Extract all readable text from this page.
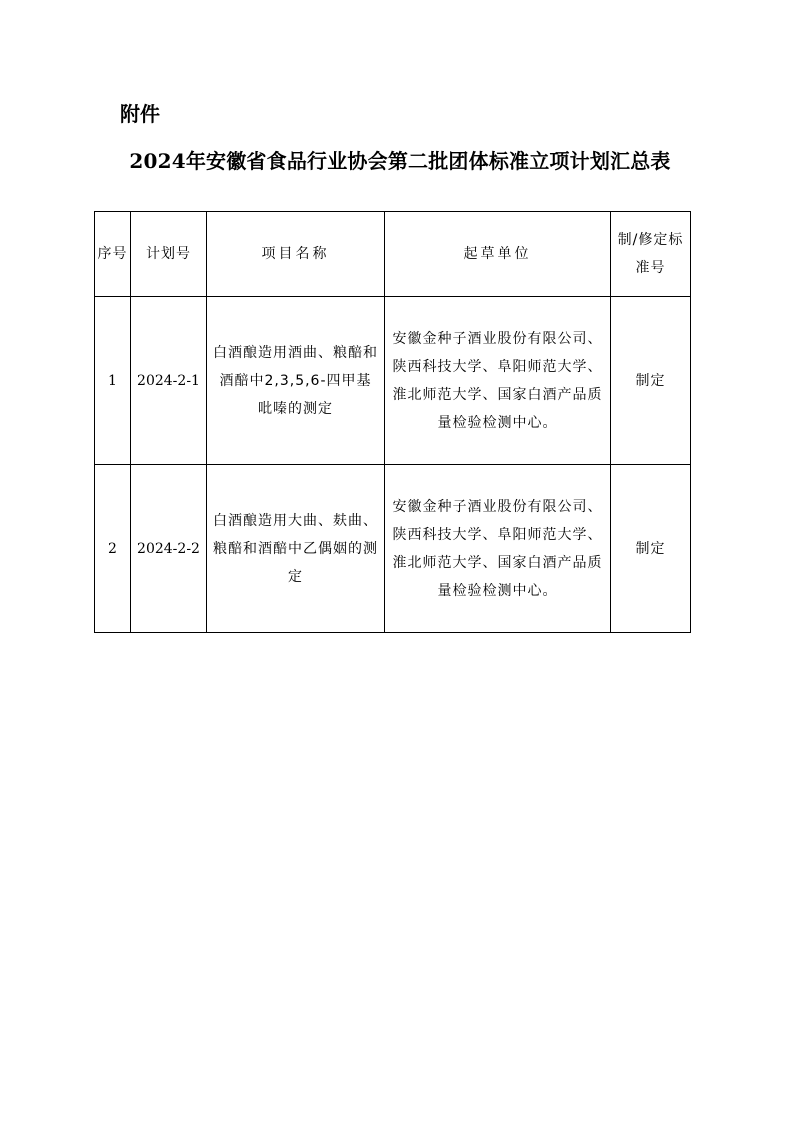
附件
2024年安徽省食品行业协会第二批团体标准立项计划汇总表
序号	计划号	项目名称	起草单位	制/修定标准号
1	2024-2-1	白酒酿造用酒曲、粮醅和酒醅中2,3,5,6-四甲基吡嗪的测定	安徽金种子酒业股份有限公司、陕西科技大学、阜阳师范大学、淮北师范大学、国家白酒产品质量检验检测中心。	制定
2	2024-2-2	白酒酿造用大曲、麸曲、粮醅和酒醅中乙偶姻的测定	安徽金种子酒业股份有限公司、陕西科技大学、阜阳师范大学、淮北师范大学、国家白酒产品质量检验检测中心。	制定
